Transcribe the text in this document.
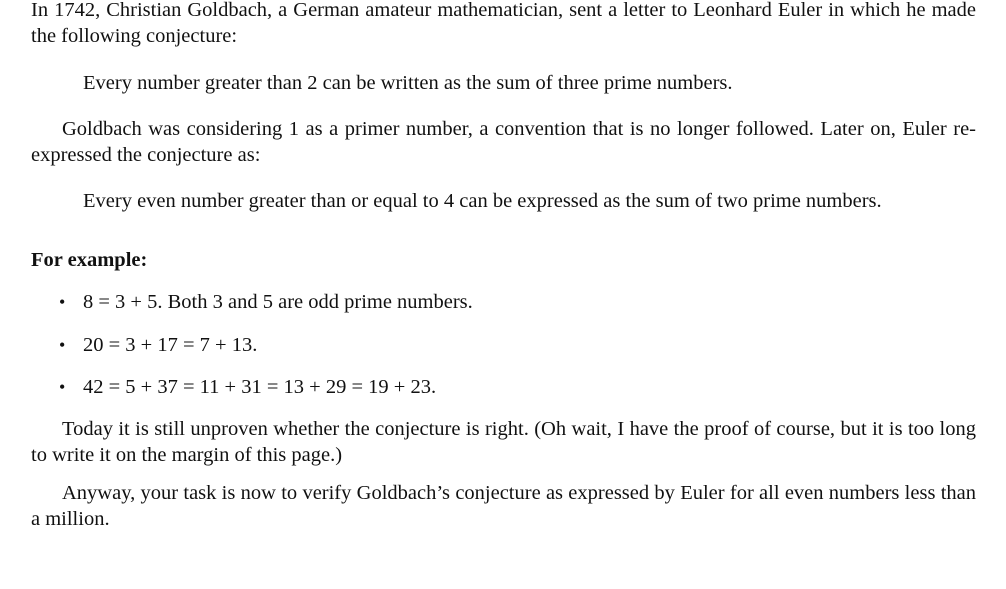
In 1742, Christian Goldbach, a German amateur mathematician, sent a letter to Leonhard Euler in which he made the following conjecture:

Every number greater than 2 can be written as the sum of three prime numbers.

Goldbach was considering 1 as a primer number, a convention that is no longer followed. Later on, Euler re-expressed the conjecture as:

Every even number greater than or equal to 4 can be expressed as the sum of two prime numbers.

For example:

• 8 = 3 + 5. Both 3 and 5 are odd prime numbers.
• 20 = 3 + 17 = 7 + 13.
• 42 = 5 + 37 = 11 + 31 = 13 + 29 = 19 + 23.

Today it is still unproven whether the conjecture is right. (Oh wait, I have the proof of course, but it is too long to write it on the margin of this page.)

Anyway, your task is now to verify Goldbach’s conjecture as expressed by Euler for all even numbers less than a million.
